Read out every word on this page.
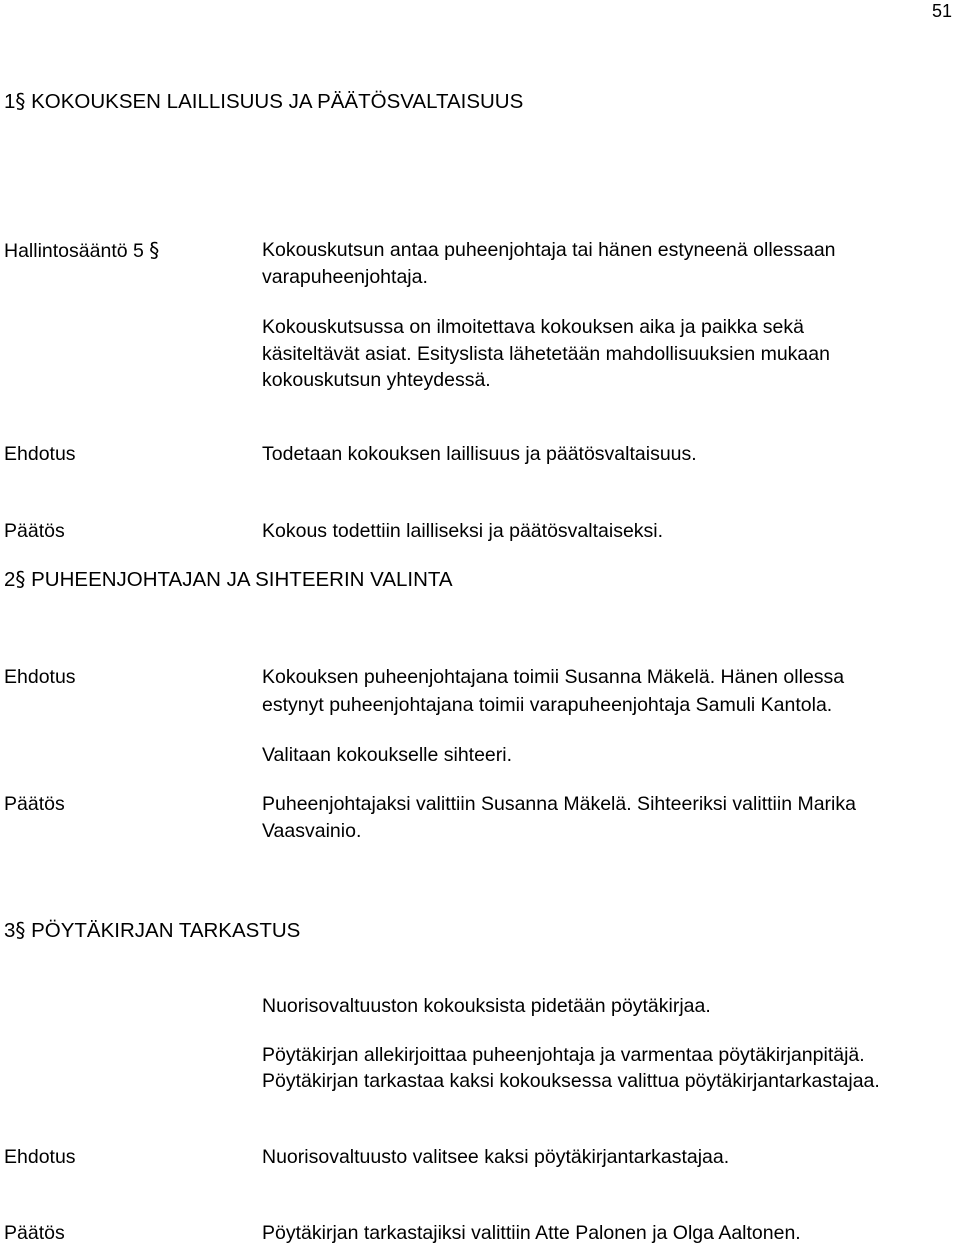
51
1§ KOKOUKSEN LAILLISUUS JA PÄÄTÖSVALTAISUUS
Hallintosääntö 5 §	Kokouskutsun antaa puheenjohtaja tai hänen estyneenä ollessaan
varapuheenjohtaja.
Kokouskutsussa on ilmoitettava kokouksen aika ja paikka sekä
käsiteltävät asiat. Esityslista lähetetään mahdollisuuksien mukaan
kokouskutsun yhteydessä.
Ehdotus	Todetaan kokouksen laillisuus ja päätösvaltaisuus.
Päätös	Kokous todettiin lailliseksi ja päätösvaltaiseksi.
2§ PUHEENJOHTAJAN JA SIHTEERIN VALINTA
Ehdotus	Kokouksen puheenjohtajana toimii Susanna Mäkelä. Hänen ollessa
estynyt puheenjohtajana toimii varapuheenjohtaja Samuli Kantola.
Valitaan kokoukselle sihteeri.
Päätös	Puheenjohtajaksi valittiin Susanna Mäkelä. Sihteeriksi valittiin Marika
Vaasvainio.
3§ PÖYTÄKIRJAN TARKASTUS
Nuorisovaltuuston kokouksista pidetään pöytäkirjaa.
Pöytäkirjan allekirjoittaa puheenjohtaja ja varmentaa pöytäkirjanpitäjä.
Pöytäkirjan tarkastaa kaksi kokouksessa valittua pöytäkirjantarkastajaa.
Ehdotus	Nuorisovaltuusto valitsee kaksi pöytäkirjantarkastajaa.
Päätös	Pöytäkirjan tarkastajiksi valittiin Atte Palonen ja Olga Aaltonen.
